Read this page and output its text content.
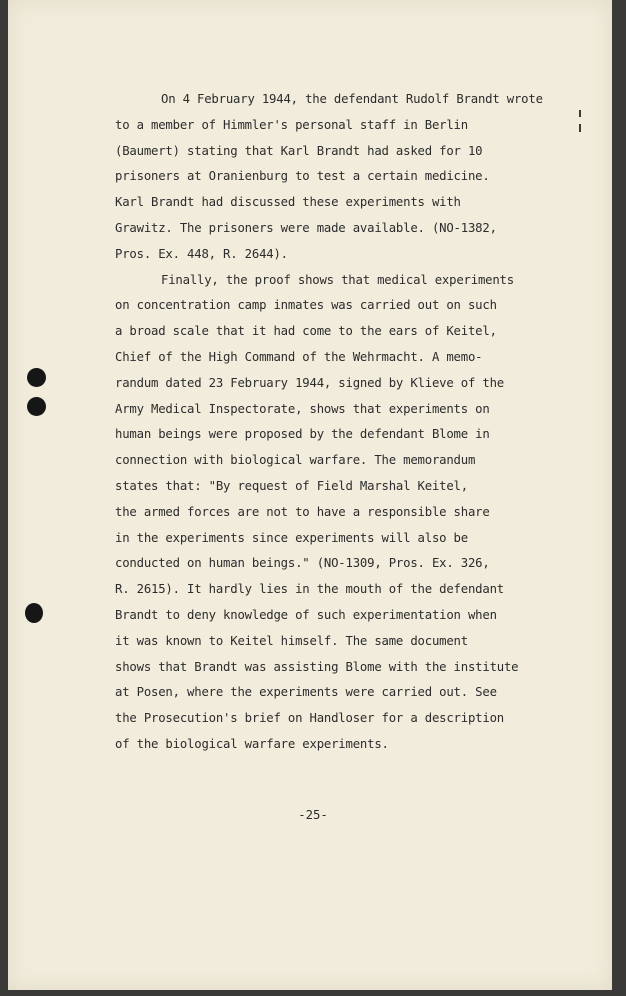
On 4 February 1944, the defendant Rudolf Brandt wrote
to a member of Himmler's personal staff in Berlin
(Baumert) stating that Karl Brandt had asked for 10
prisoners at Oranienburg to test a certain medicine.
Karl Brandt had discussed these experiments with
Grawitz. The prisoners were made available. (NO-1382,
Pros. Ex. 448, R. 2644).
Finally, the proof shows that medical experiments
on concentration camp inmates was carried out on such
a broad scale that it had come to the ears of Keitel,
Chief of the High Command of the Wehrmacht. A memo-
randum dated 23 February 1944, signed by Klieve of the
Army Medical Inspectorate, shows that experiments on
human beings were proposed by the defendant Blome in
connection with biological warfare. The memorandum
states that: "By request of Field Marshal Keitel,
the armed forces are not to have a responsible share
in the experiments since experiments will also be
conducted on human beings." (NO-1309, Pros. Ex. 326,
R. 2615). It hardly lies in the mouth of the defendant
Brandt to deny knowledge of such experimentation when
it was known to Keitel himself. The same document
shows that Brandt was assisting Blome with the institute
at Posen, where the experiments were carried out. See
the Prosecution's brief on Handloser for a description
of the biological warfare experiments.
-25-
